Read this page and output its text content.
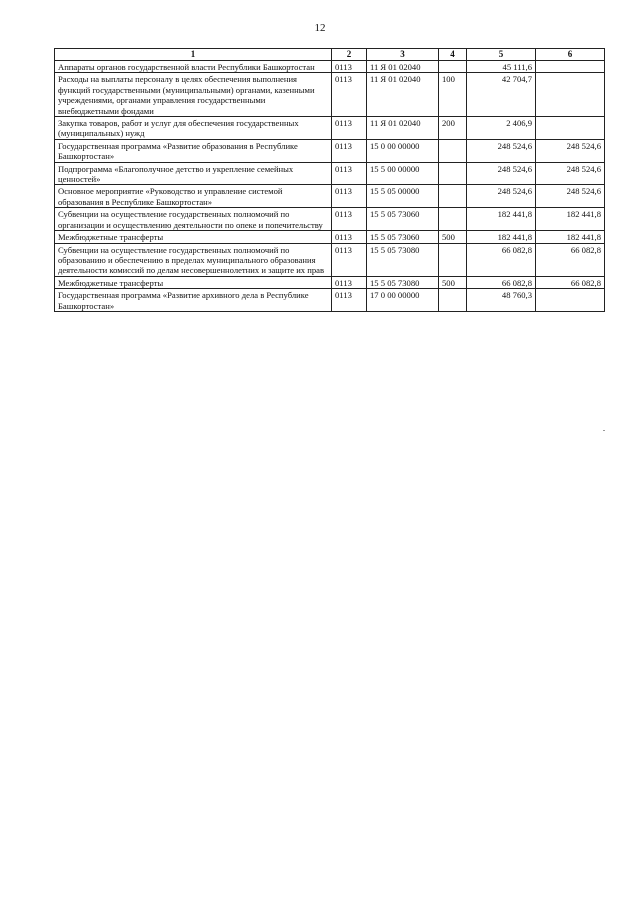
12
1	2	3	4	5	6
Аппараты органов государственной власти Республики Башкортостан	0113	11 Я 01 02040		45 111,6	
Расходы на выплаты персоналу в целях обеспечения выполнения функций государственными (муниципальными) органами, казенными учреждениями, органами управления государственными внебюджетными фондами	0113	11 Я 01 02040	100	42 704,7	
Закупка товаров, работ и услуг для обеспечения государственных (муниципальных) нужд	0113	11 Я 01 02040	200	2 406,9	
Государственная программа «Развитие образования в Республике Башкортостан»	0113	15 0 00 00000		248 524,6	248 524,6
Подпрограмма «Благополучное детство и укрепление семейных ценностей»	0113	15 5 00 00000		248 524,6	248 524,6
Основное мероприятие «Руководство и управление системой образования в Республике Башкортостан»	0113	15 5 05 00000		248 524,6	248 524,6
Субвенции на осуществление государственных полномочий по организации и осуществлению деятельности по опеке и попечительству	0113	15 5 05 73060		182 441,8	182 441,8
Межбюджетные трансферты	0113	15 5 05 73060	500	182 441,8	182 441,8
Субвенции на осуществление государственных полномочий по образованию и обеспечению в пределах муниципального образования деятельности комиссий по делам несовершеннолетних и защите их прав	0113	15 5 05 73080		66 082,8	66 082,8
Межбюджетные трансферты	0113	15 5 05 73080	500	66 082,8	66 082,8
Государственная программа «Развитие архивного дела в Республике Башкортостан»	0113	17 0 00 00000		48 760,3	
